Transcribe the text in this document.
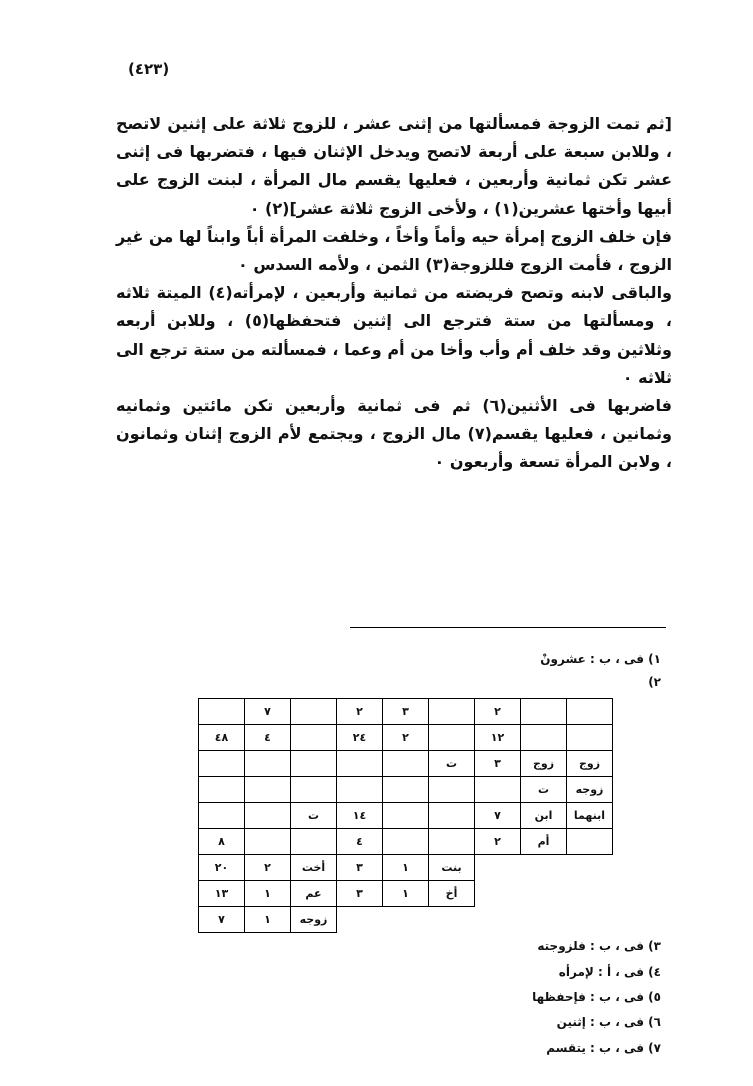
(٤٢٣)

[ثم تمت الزوجة فمسألتها من إثنى عشر ، للزوج ثلاثة على إثنين لاتصح ، وللابن سبعة على أربعة لاتصح ويدخل الإثنان فيها ، فتضربها فى إثنى عشر تكن ثمانية وأربعين ، فعليها يقسم مال المرأة ، لبنت الزوج على أبيها وأختها عشرين(١) ، ولأخى الزوج ثلاثة عشر](٢) ٠

فإن خلف الزوج إمرأة حيه وأماً وأخاً ، وخلفت المرأة أباً وابناً لها من غير الزوج ، فأمت الزوج فللزوجة(٣) الثمن ، ولأمه السدس ٠

والباقى لابنه وتصح فريضته من ثمانية وأربعين ، لإمرأته(٤) الميتة ثلاثه ، ومسألتها من ستة فترجع الى إثنين فتحفظها(٥) ، وللابن أربعه وثلاثين وقد خلف أم وأب وأخا من أم وعما ، فمسألته من ستة ترجع الى ثلاثه ٠

فاضربها فى الأثنين(٦) ثم فى ثمانية وأربعين تكن مائتين وثمانيه وثمانين ، فعليها يقسم(٧) مال الزوج ، ويجتمع لأم الزوج إثنان وثمانون ، ولابن المرأة تسعة وأربعون ٠

١) فى ، ب : عشرونْ
٢)
		٢		٣	٢		٧	
		١٢		٢	٢٤		٤	٤٨
زوج	زوج	٣	ت					
زوجه	ت							
ابنهما	ابن	٧			١٤	ت		
	أم	٢			٤			٨
			بنت	١	٣	أخت	٢	٢٠
			أخ	١	٣	عم	١	١٣
						زوجه	١	٧
٣) فى ، ب : فلزوجته
٤) فى ، أ : لإمرأه
٥) فى ، ب : فإحفظها
٦) فى ، ب : إثنين
٧) فى ، ب : يتقسم
